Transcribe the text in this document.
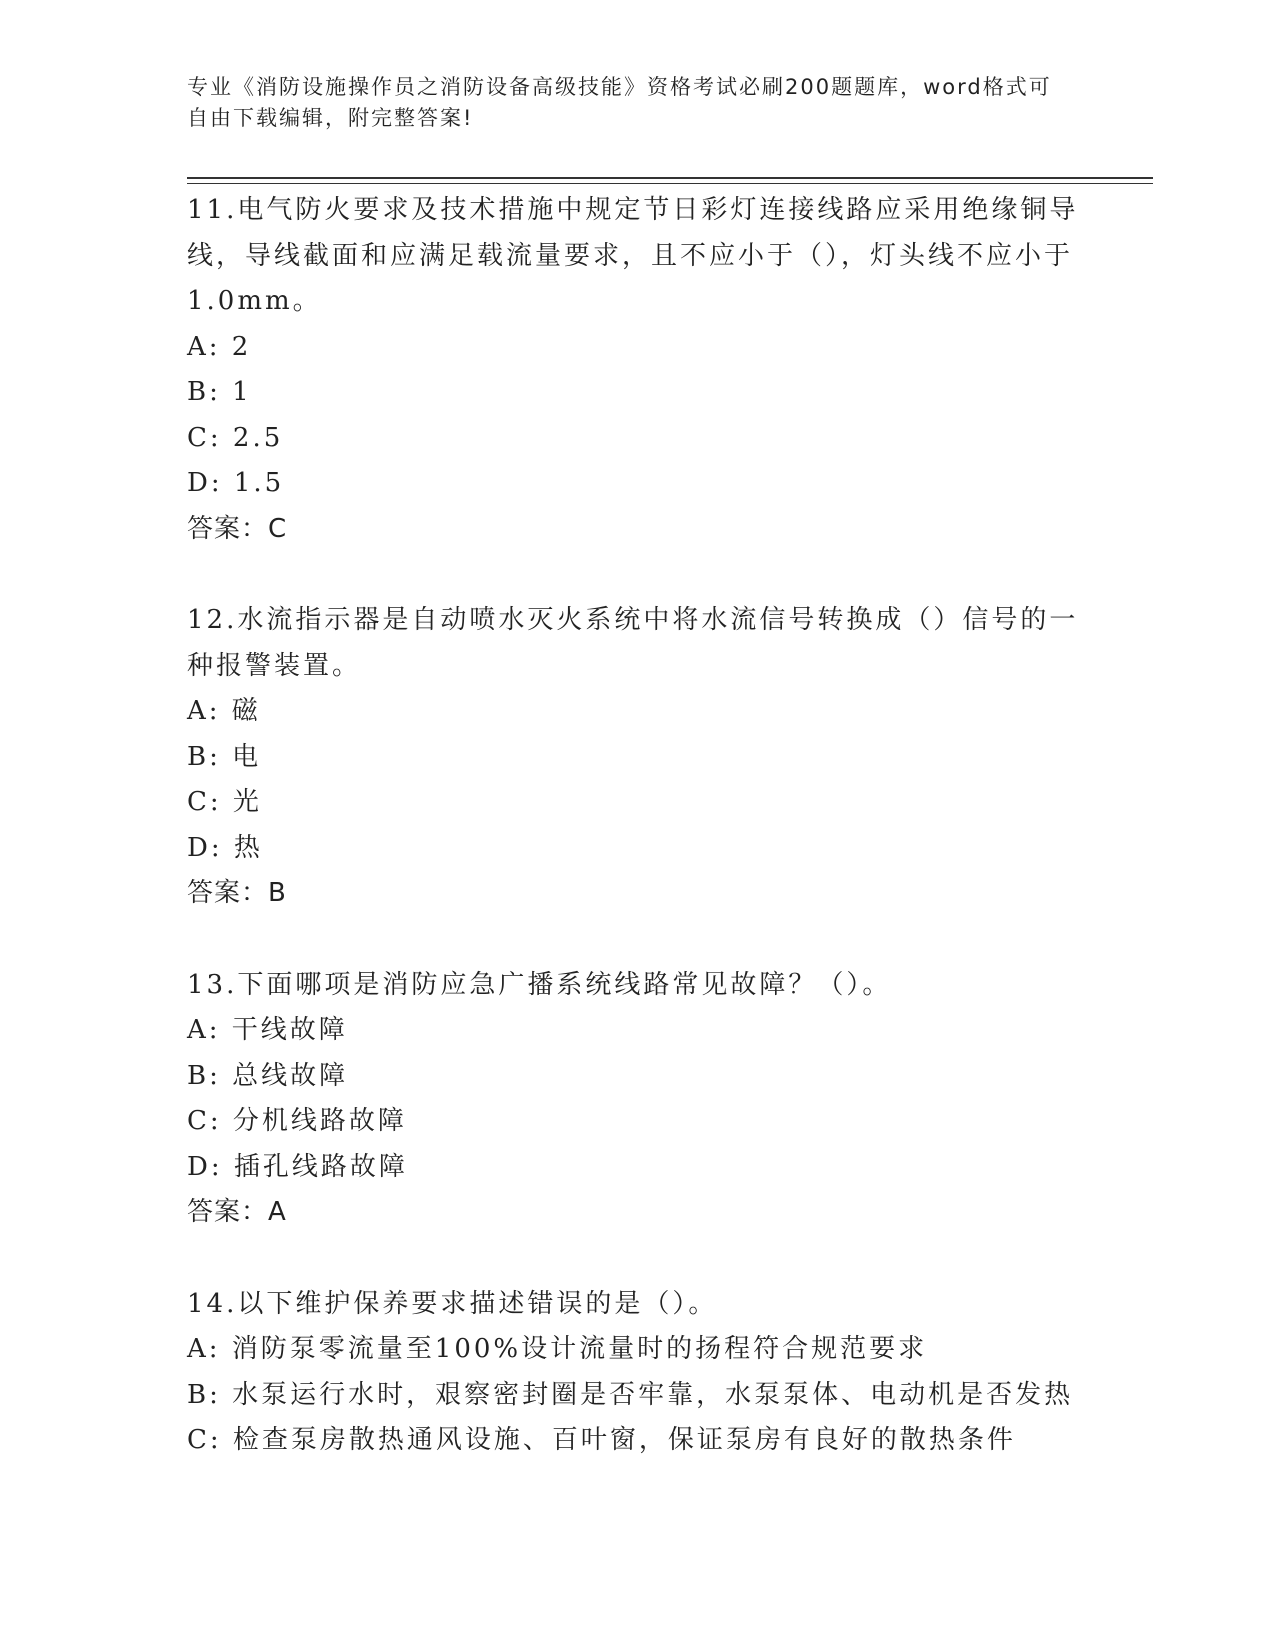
专业《消防设施操作员之消防设备高级技能》资格考试必刷200题题库，word格式可自由下载编辑，附完整答案!

11.电气防火要求及技术措施中规定节日彩灯连接线路应采用绝缘铜导线，导线截面和应满足载流量要求，且不应小于（），灯头线不应小于1.0mm。

A: 2

B: 1

C: 2.5

D: 1.5

答案：C

12.水流指示器是自动喷水灭火系统中将水流信号转换成（）信号的一种报警装置。

A: 磁

B: 电

C: 光

D: 热

答案：B

13.下面哪项是消防应急广播系统线路常见故障？（）。

A: 干线故障

B: 总线故障

C: 分机线路故障

D: 插孔线路故障

答案：A

14.以下维护保养要求描述错误的是（）。

A: 消防泵零流量至100%设计流量时的扬程符合规范要求

B: 水泵运行水时，艰察密封圈是否牢靠，水泵泵体、电动机是否发热

C: 检查泵房散热通风设施、百叶窗，保证泵房有良好的散热条件
